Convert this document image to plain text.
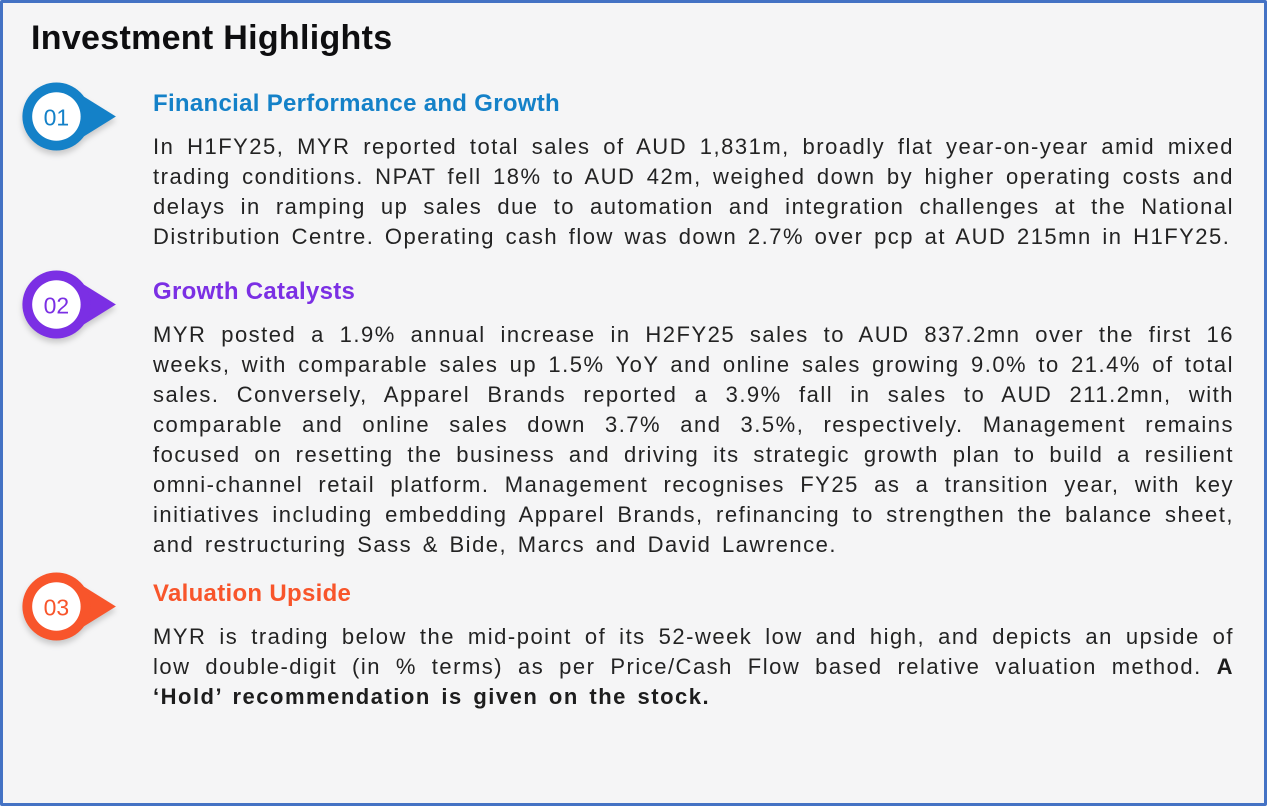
Investment Highlights
01
Financial Performance and Growth

In H1FY25, MYR reported total sales of AUD 1,831m, broadly flat year-on-year amid mixed trading conditions. NPAT fell 18% to AUD 42m, weighed down by higher operating costs and delays in ramping up sales due to automation and integration challenges at the National Distribution Centre. Operating cash flow was down 2.7% over pcp at AUD 215mn in H1FY25.

02
Growth Catalysts

MYR posted a 1.9% annual increase in H2FY25 sales to AUD 837.2mn over the first 16 weeks, with comparable sales up 1.5% YoY and online sales growing 9.0% to 21.4% of total sales. Conversely, Apparel Brands reported a 3.9% fall in sales to AUD 211.2mn, with comparable and online sales down 3.7% and 3.5%, respectively. Management remains focused on resetting the business and driving its strategic growth plan to build a resilient omni-channel retail platform. Management recognises FY25 as a transition year, with key initiatives including embedding Apparel Brands, refinancing to strengthen the balance sheet, and restructuring Sass & Bide, Marcs and David Lawrence.

03
Valuation Upside

MYR is trading below the mid-point of its 52-week low and high, and depicts an upside of low double-digit (in % terms) as per Price/Cash Flow based relative valuation method. A ‘Hold’ recommendation is given on the stock.
